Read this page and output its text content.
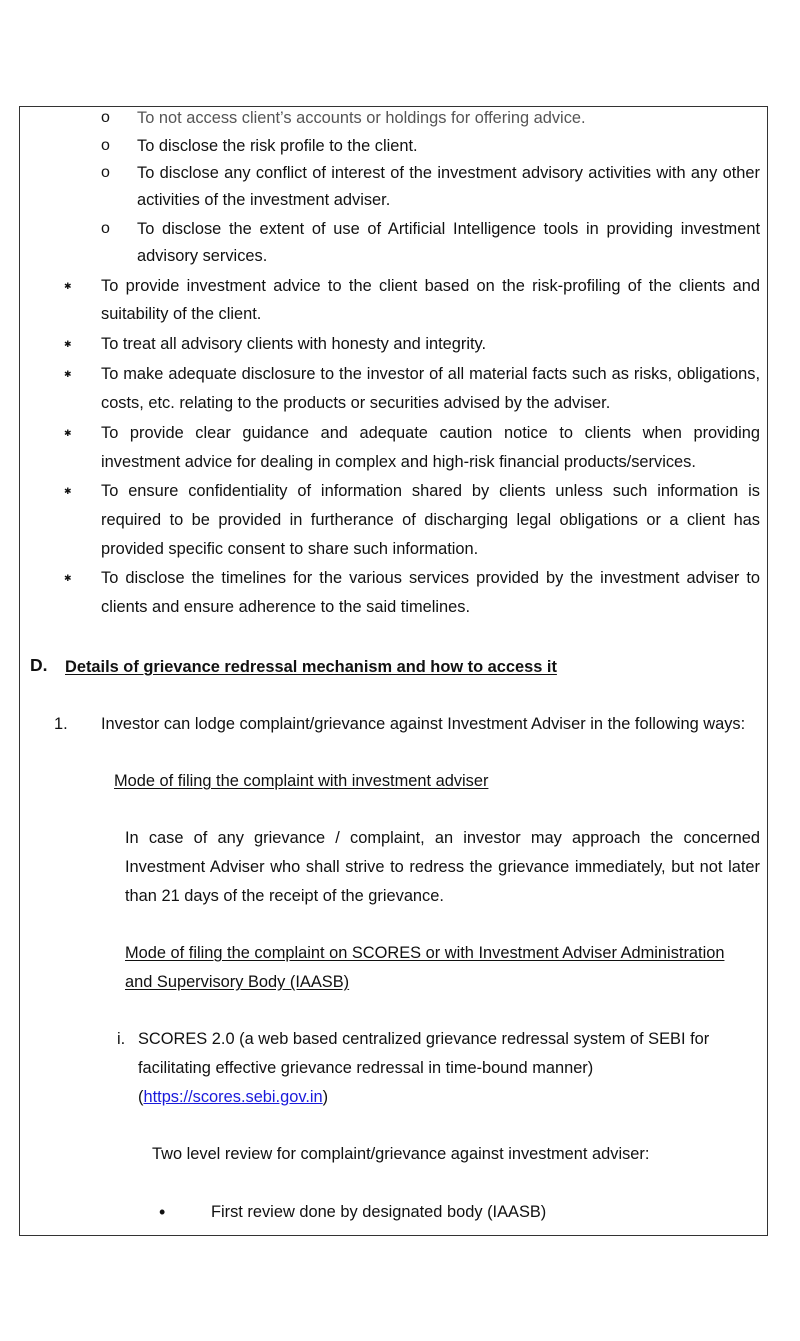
o To not access client’s accounts or holdings for offering advice.
o To disclose the risk profile to the client.
o To disclose any conflict of interest of the investment advisory activities with any other
activities of the investment adviser.
o To disclose the extent of use of Artificial Intelligence tools in providing investment
advisory services.
✱ To provide investment advice to the client based on the risk-profiling of the clients and
suitability of the client.
✱ To treat all advisory clients with honesty and integrity.
✱ To make adequate disclosure to the investor of all material facts such as risks, obligations,
costs, etc. relating to the products or securities advised by the adviser.
✱ To provide clear guidance and adequate caution notice to clients when providing
investment advice for dealing in complex and high-risk financial products/services.
✱ To ensure confidentiality of information shared by clients unless such information is
required to be provided in furtherance of discharging legal obligations or a client has
provided specific consent to share such information.
✱ To disclose the timelines for the various services provided by the investment adviser to
clients and ensure adherence to the said timelines.
D. Details of grievance redressal mechanism and how to access it
1. Investor can lodge complaint/grievance against Investment Adviser in the following ways:
Mode of filing the complaint with investment adviser
In case of any grievance / complaint, an investor may approach the concerned
Investment Adviser who shall strive to redress the grievance immediately, but not later
than 21 days of the receipt of the grievance.
Mode of filing the complaint on SCORES or with Investment Adviser Administration
and Supervisory Body (IAASB)
i. SCORES 2.0 (a web based centralized grievance redressal system of SEBI for
facilitating effective grievance redressal in time-bound manner)
(https://scores.sebi.gov.in)
Two level review for complaint/grievance against investment adviser:
•	First review done by designated body (IAASB)
